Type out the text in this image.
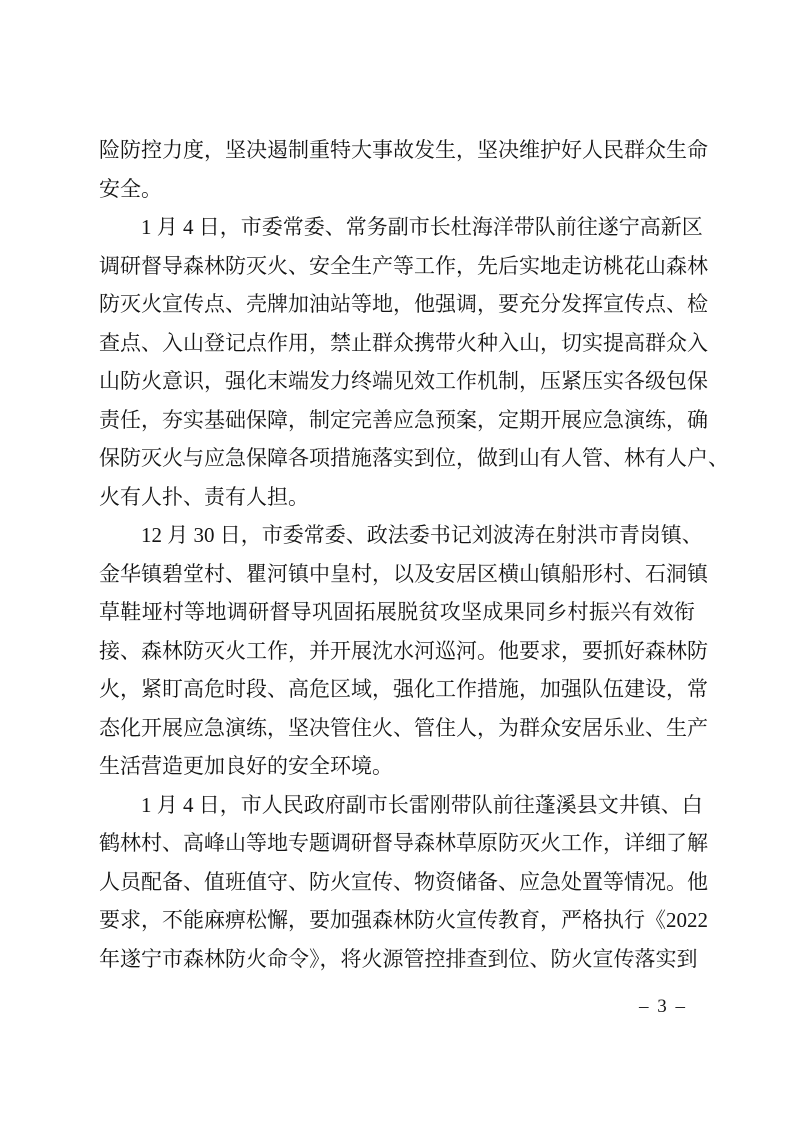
险防控力度，坚决遏制重特大事故发生，坚决维护好人民群众生命
安全。
1 月 4 日，市委常委、常务副市长杜海洋带队前往遂宁高新区
调研督导森林防灭火、安全生产等工作，先后实地走访桃花山森林
防灭火宣传点、壳牌加油站等地，他强调，要充分发挥宣传点、检
查点、入山登记点作用，禁止群众携带火种入山，切实提高群众入
山防火意识，强化末端发力终端见效工作机制，压紧压实各级包保
责任，夯实基础保障，制定完善应急预案，定期开展应急演练，确
保防灭火与应急保障各项措施落实到位，做到山有人管、林有人户、
火有人扑、责有人担。
12 月 30 日，市委常委、政法委书记刘波涛在射洪市青岗镇、
金华镇碧堂村、瞿河镇中皇村，以及安居区横山镇船形村、石洞镇
草鞋垭村等地调研督导巩固拓展脱贫攻坚成果同乡村振兴有效衔
接、森林防灭火工作，并开展沈水河巡河。他要求，要抓好森林防
火，紧盯高危时段、高危区域，强化工作措施，加强队伍建设，常
态化开展应急演练，坚决管住火、管住人，为群众安居乐业、生产
生活营造更加良好的安全环境。
1 月 4 日，市人民政府副市长雷刚带队前往蓬溪县文井镇、白
鹤林村、高峰山等地专题调研督导森林草原防灭火工作，详细了解
人员配备、值班值守、防火宣传、物资储备、应急处置等情况。他
要求，不能麻痹松懈，要加强森林防火宣传教育，严格执行《2022
年遂宁市森林防火命令》，将火源管控排查到位、防火宣传落实到
– 3 –
